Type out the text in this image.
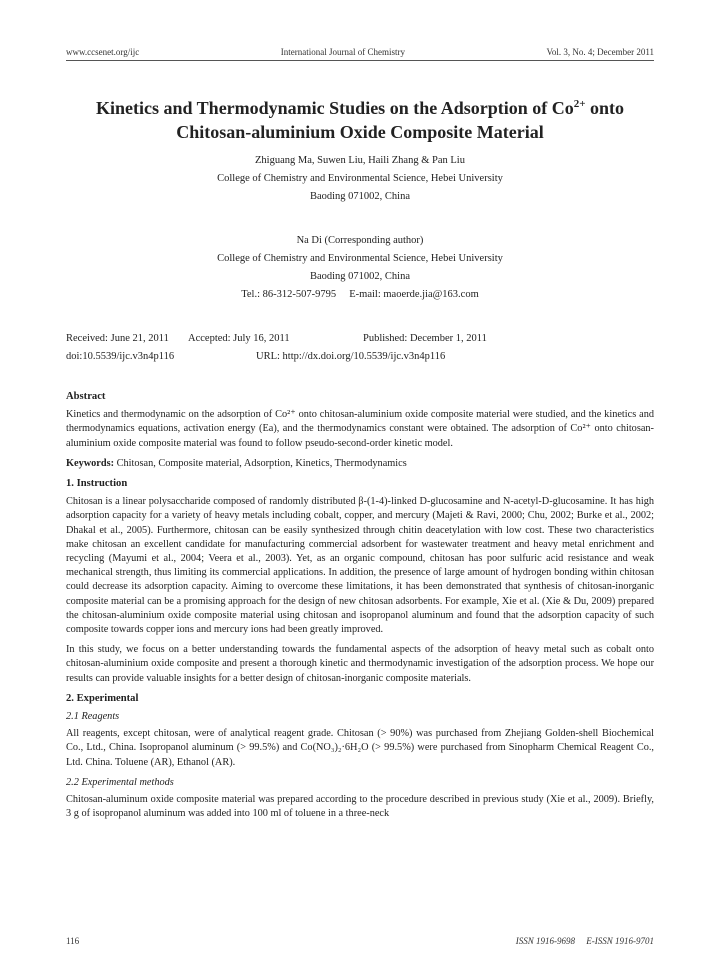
www.ccsenet.org/ijc	International Journal of Chemistry	Vol. 3, No. 4; December 2011
Kinetics and Thermodynamic Studies on the Adsorption of $Co^{2+}$ onto
Chitosan-aluminium Oxide Composite Material
Zhiguang Ma, Suwen Liu, Haili Zhang & Pan Liu
College of Chemistry and Environmental Science, Hebei University
Baoding 071002, China
Na Di (Corresponding author)
College of Chemistry and Environmental Science, Hebei University
Baoding 071002, China
Tel.: 86-312-507-9795     E-mail: maoerde.jia@163.com
Received: June 21, 2011	Accepted: July 16, 2011	Published: December 1, 2011
doi:10.5539/ijc.v3n4p116	URL: http://dx.doi.org/10.5539/ijc.v3n4p116
Abstract

Kinetics and thermodynamic on the adsorption of Co²⁺ onto chitosan-aluminium oxide composite material were studied, and the kinetics and thermodynamics equations, activation energy (Ea), and the thermodynamics constant were obtained. The adsorption of Co²⁺ onto chitosan-aluminium oxide composite material was found to follow pseudo-second-order kinetic model.

Keywords: Chitosan, Composite material, Adsorption, Kinetics, Thermodynamics

1. Instruction

Chitosan is a linear polysaccharide composed of randomly distributed β-(1-4)-linked D-glucosamine and N-acetyl-D-glucosamine. It has high adsorption capacity for a variety of heavy metals including cobalt, copper, and mercury (Majeti & Ravi, 2000; Chu, 2002; Burke et al., 2002; Dhakal et al., 2005). Furthermore, chitosan can be easily synthesized through chitin deacetylation with low cost. These two characteristics make chitosan an excellent candidate for manufacturing commercial adsorbent for wastewater treatment and heavy metal enrichment and recycling (Mayumi et al., 2004; Veera et al., 2003). Yet, as an organic compound, chitosan has poor sulfuric acid resistance and weak mechanical strength, thus limiting its commercial applications. In addition, the presence of large amount of hydrogen bonding within chitosan could decrease its adsorption capacity. Aiming to overcome these limitations, it has been demonstrated that synthesis of chitosan-inorganic composite material can be a promising approach for the design of new chitosan adsorbents. For example, Xie et al. (Xie & Du, 2009) prepared the chitosan-aluminium oxide composite material using chitosan and isopropanol aluminum and found that the adsorption capacity of such composite towards copper ions and mercury ions had been greatly improved.

In this study, we focus on a better understanding towards the fundamental aspects of the adsorption of heavy metal such as cobalt onto chitosan-aluminium oxide composite and present a thorough kinetic and thermodynamic investigation of the adsorption process. We hope our results can provide valuable insights for a better design of chitosan-inorganic composite materials.

2. Experimental
2.1 Reagents

All reagents, except chitosan, were of analytical reagent grade. Chitosan (> 90%) was purchased from Zhejiang Golden-shell Biochemical Co., Ltd., China. Isopropanol aluminum (> 99.5%) and Co(NO₃)₂·6H₂O (> 99.5%) were purchased from Sinopharm Chemical Reagent Co., Ltd. China. Toluene (AR), Ethanol (AR).

2.2 Experimental methods

Chitosan-aluminum oxide composite material was prepared according to the procedure described in previous study (Xie et al., 2009). Briefly, 3 g of isopropanol aluminum was added into 100 ml of toluene in a three-neck

116	ISSN 1916-9698     E-ISSN 1916-9701
